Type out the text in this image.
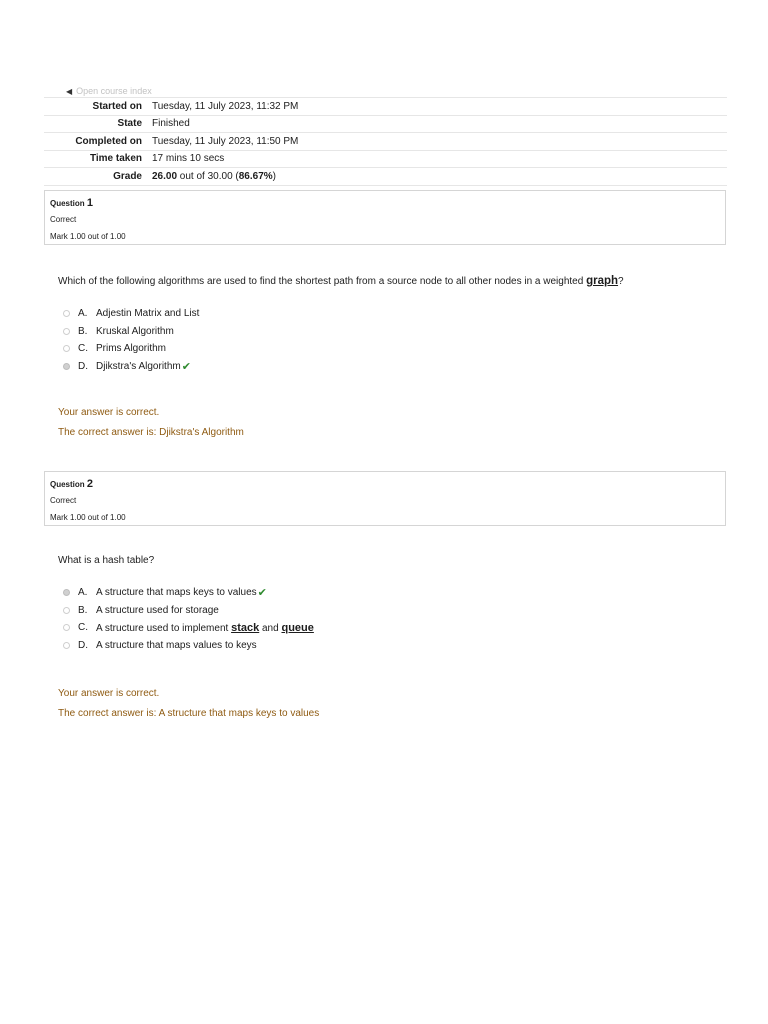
◀ Open course index
Started on	Tuesday, 11 July 2023, 11:32 PM
State	Finished
Completed on	Tuesday, 11 July 2023, 11:50 PM
Time taken	17 mins 10 secs
Grade	26.00 out of 30.00 (86.67%)
Question 1
Correct
Mark 1.00 out of 1.00
Which of the following algorithms are used to find the shortest path from a source node to all other nodes in a weighted graph?
A. Adjestin Matrix and List
B. Kruskal Algorithm
C. Prims Algorithm
D. Djikstra's Algorithm ✔
Your answer is correct.
The correct answer is: Djikstra's Algorithm
Question 2
Correct
Mark 1.00 out of 1.00
What is a hash table?
A. A structure that maps keys to values ✔
B. A structure used for storage
C. A structure used to implement stack and queue
D. A structure that maps values to keys
Your answer is correct.
The correct answer is: A structure that maps keys to values
